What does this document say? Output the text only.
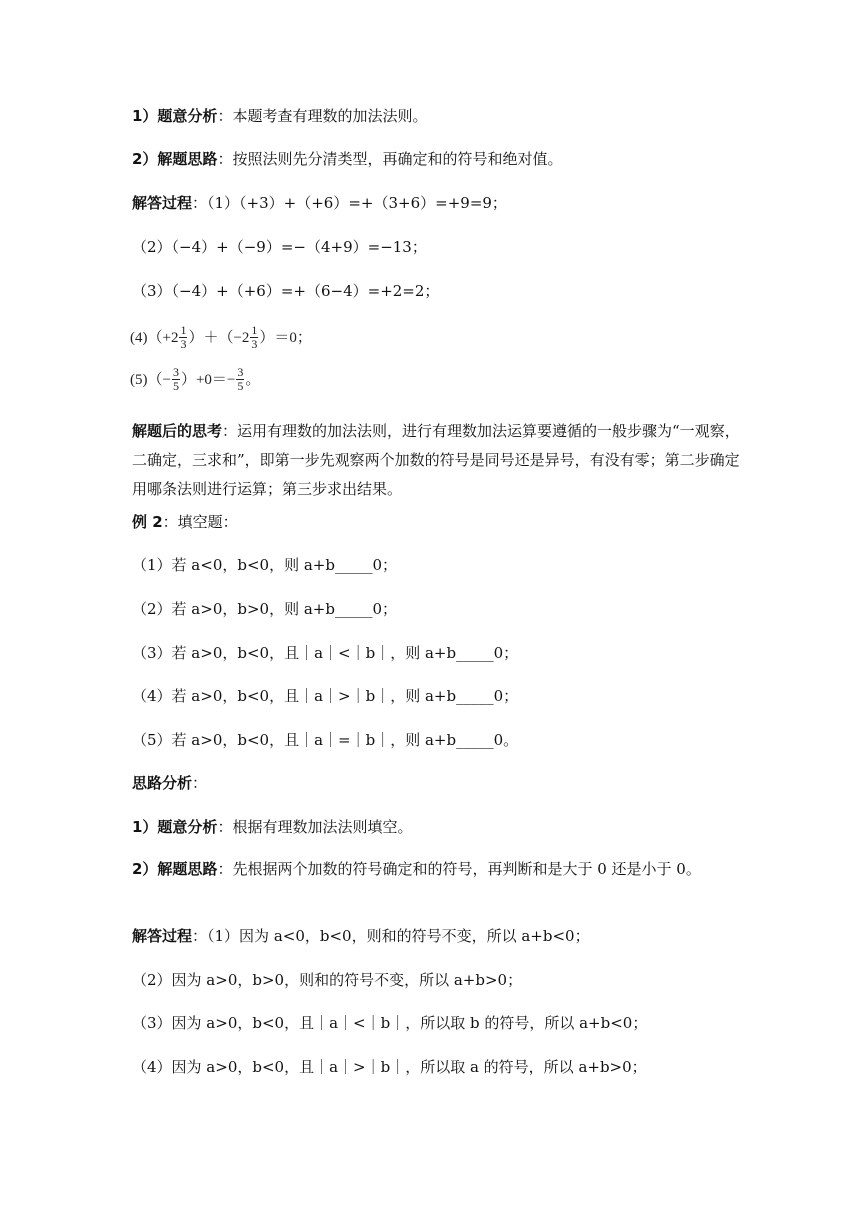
1）题意分析：本题考查有理数的加法法则。
2）解题思路：按照法则先分清类型，再确定和的符号和绝对值。
解答过程：（1）（+3）+（+6）=+（3+6）=+9=9；
（2）（−4）+（−9）=−（4+9）=−13；
（3）（−4）+（+6）=+（6−4）=+2=2；
$(4)(+2 \frac{1}{3} )+(-2 \frac{1}{3} )=0$；
$(5)(- \frac{3}{5} )+0=- \frac{3}{5}$ 。
解题后的思考：运用有理数的加法法则，进行有理数加法运算要遵循的一般步骤为“一观察，二确定，三求和”，即第一步先观察两个加数的符号是同号还是异号，有没有零；第二步确定用哪条法则进行运算；第三步求出结果。
例 2：填空题：
（1）若 a<0，b<0，则 a+b_____0；
（2）若 a>0，b>0，则 a+b_____0；
（3）若 a>0，b<0，且｜a｜<｜b｜，则 a+b_____0；
（4）若 a>0，b<0，且｜a｜>｜b｜，则 a+b_____0；
（5）若 a>0，b<0，且｜a｜=｜b｜，则 a+b_____0。
思路分析：
1）题意分析：根据有理数加法法则填空。
2）解题思路：先根据两个加数的符号确定和的符号，再判断和是大于 0 还是小于 0。
解答过程：（1）因为 a<0，b<0，则和的符号不变，所以 a+b<0；
（2）因为 a>0，b>0，则和的符号不变，所以 a+b>0；
（3）因为 a>0，b<0，且｜a｜<｜b｜，所以取 b 的符号，所以 a+b<0；
（4）因为 a>0，b<0，且｜a｜>｜b｜，所以取 a 的符号，所以 a+b>0；
